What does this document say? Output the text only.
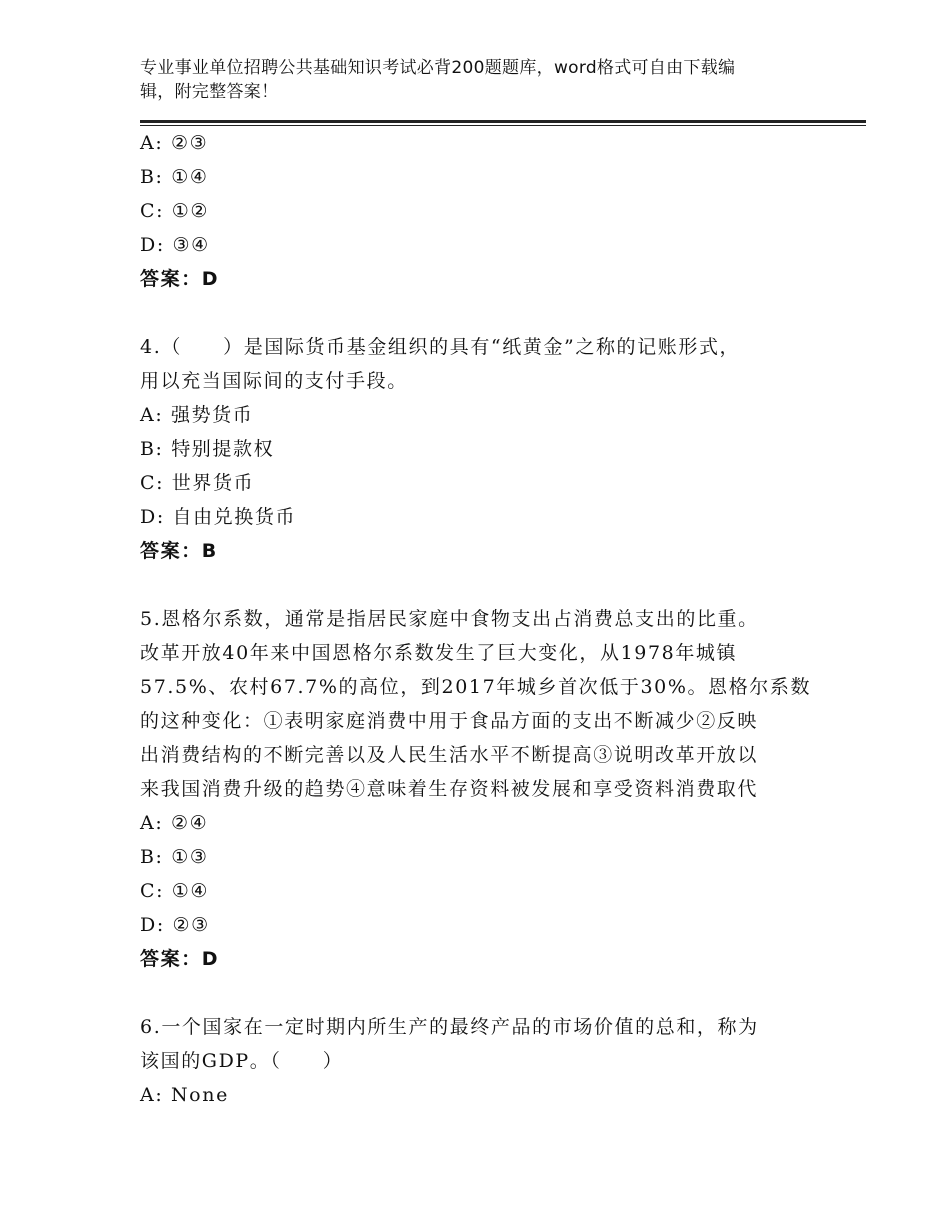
专业事业单位招聘公共基础知识考试必背200题题库，word格式可自由下载编
辑，附完整答案！
A: ②③
B: ①④
C: ①②
D: ③④
答案：D
4.（　　）是国际货币基金组织的具有“纸黄金”之称的记账形式，
用以充当国际间的支付手段。
A: 强势货币
B: 特别提款权
C: 世界货币
D: 自由兑换货币
答案：B
5.恩格尔系数，通常是指居民家庭中食物支出占消费总支出的比重。
改革开放40年来中国恩格尔系数发生了巨大变化，从1978年城镇
57.5%、农村67.7%的高位，到2017年城乡首次低于30%。恩格尔系数
的这种变化：①表明家庭消费中用于食品方面的支出不断减少②反映
出消费结构的不断完善以及人民生活水平不断提高③说明改革开放以
来我国消费升级的趋势④意味着生存资料被发展和享受资料消费取代
A: ②④
B: ①③
C: ①④
D: ②③
答案：D
6.一个国家在一定时期内所生产的最终产品的市场价值的总和，称为
该国的GDP。（　　）
A: None
